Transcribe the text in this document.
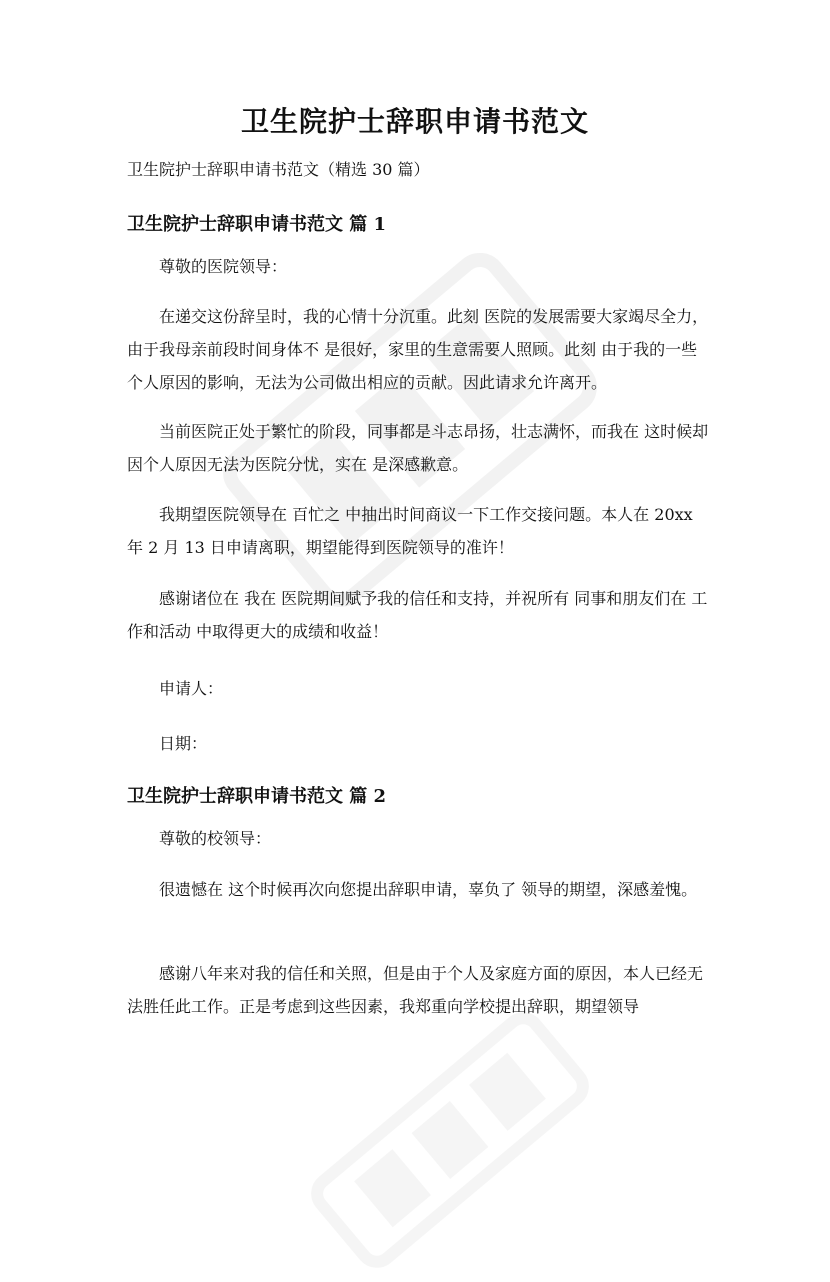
卫生院护士辞职申请书范文

卫生院护士辞职申请书范文（精选 30 篇）

卫生院护士辞职申请书范文 篇 1

尊敬的医院领导：

在递交这份辞呈时，我的心情十分沉重。此刻 医院的发展需要大家竭尽全力，由于我母亲前段时间身体不 是很好，家里的生意需要人照顾。此刻 由于我的一些个人原因的影响，无法为公司做出相应的贡献。因此请求允许离开。

当前医院正处于繁忙的阶段，同事都是斗志昂扬，壮志满怀，而我在 这时候却因个人原因无法为医院分忧，实在 是深感歉意。

我期望医院领导在 百忙之 中抽出时间商议一下工作交接问题。本人在 20xx 年 2 月 13 日申请离职，期望能得到医院领导的准许！

感谢诸位在 我在 医院期间赋予我的信任和支持，并祝所有 同事和朋友们在 工作和活动 中取得更大的成绩和收益！

申请人：

日期：

卫生院护士辞职申请书范文 篇 2

尊敬的校领导：

很遗憾在 这个时候再次向您提出辞职申请，辜负了 领导的期望，深感羞愧。

感谢八年来对我的信任和关照，但是由于个人及家庭方面的原因，本人已经无法胜任此工作。正是考虑到这些因素，我郑重向学校提出辞职，期望领导
